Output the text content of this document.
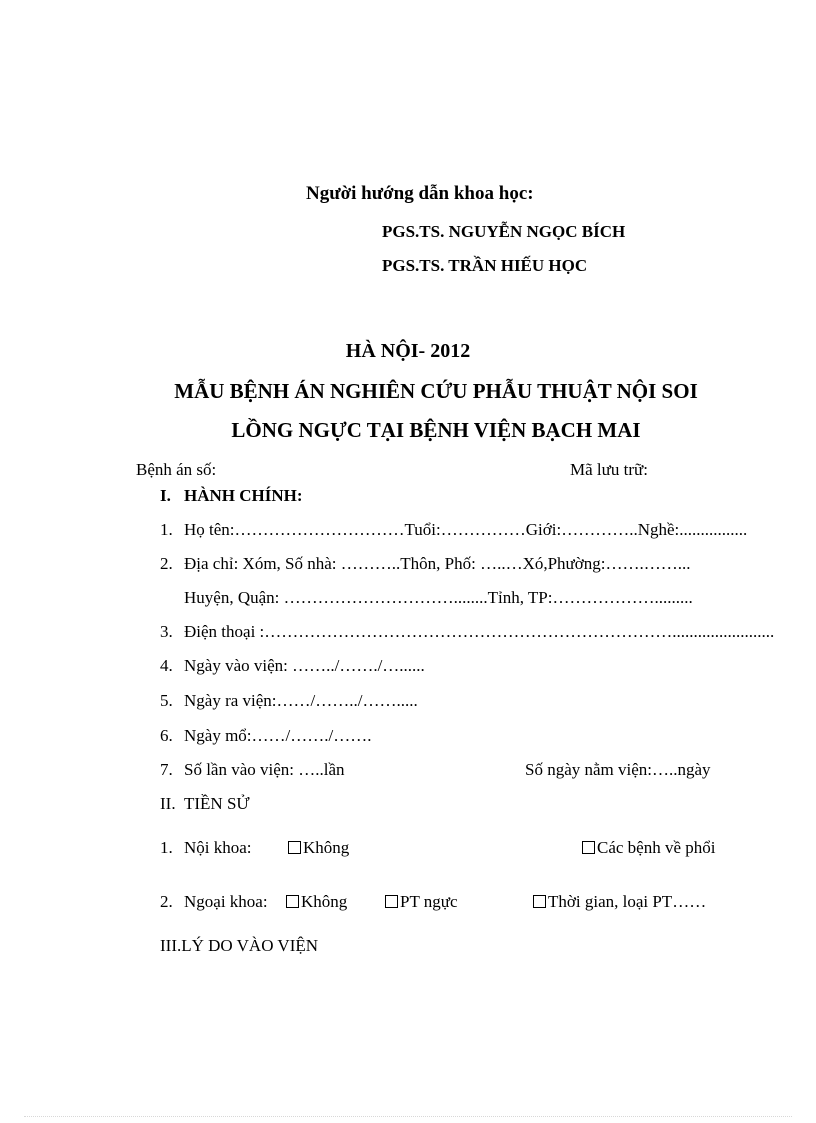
Người hướng dẫn khoa học:
PGS.TS. NGUYỄN NGỌC BÍCH
PGS.TS. TRẦN HIẾU HỌC
HÀ NỘI- 2012
MẪU BỆNH ÁN NGHIÊN CỨU PHẪU THUẬT NỘI SOI
LỒNG NGỰC TẠI BỆNH VIỆN BẠCH MAI
Bệnh án số:	Mã lưu trữ:
I. HÀNH CHÍNH:
1. Họ tên:…………………………Tuổi:……………Giới:…………..Nghề:................
2. Địa chỉ: Xóm, Số nhà: ………..Thôn, Phố: …..…Xó,Phường:…….……...
Huyện, Quận: …………………………........Tỉnh, TP:……………….........
3. Điện thoại :………………………………………………………………........................
4. Ngày vào viện: ……../……./…......
5. Ngày ra viện:……/……../…….....
6. Ngày mổ:……/……./…….
7. Số lần vào viện: …..lần	Số ngày nằm viện:…..ngày
II. TIỀN SỬ
1. Nội khoa:	Không	Các bệnh về phổi
2. Ngoại khoa:	Không	PT ngực	Thời gian, loại PT……
III.LÝ DO VÀO VIỆN
